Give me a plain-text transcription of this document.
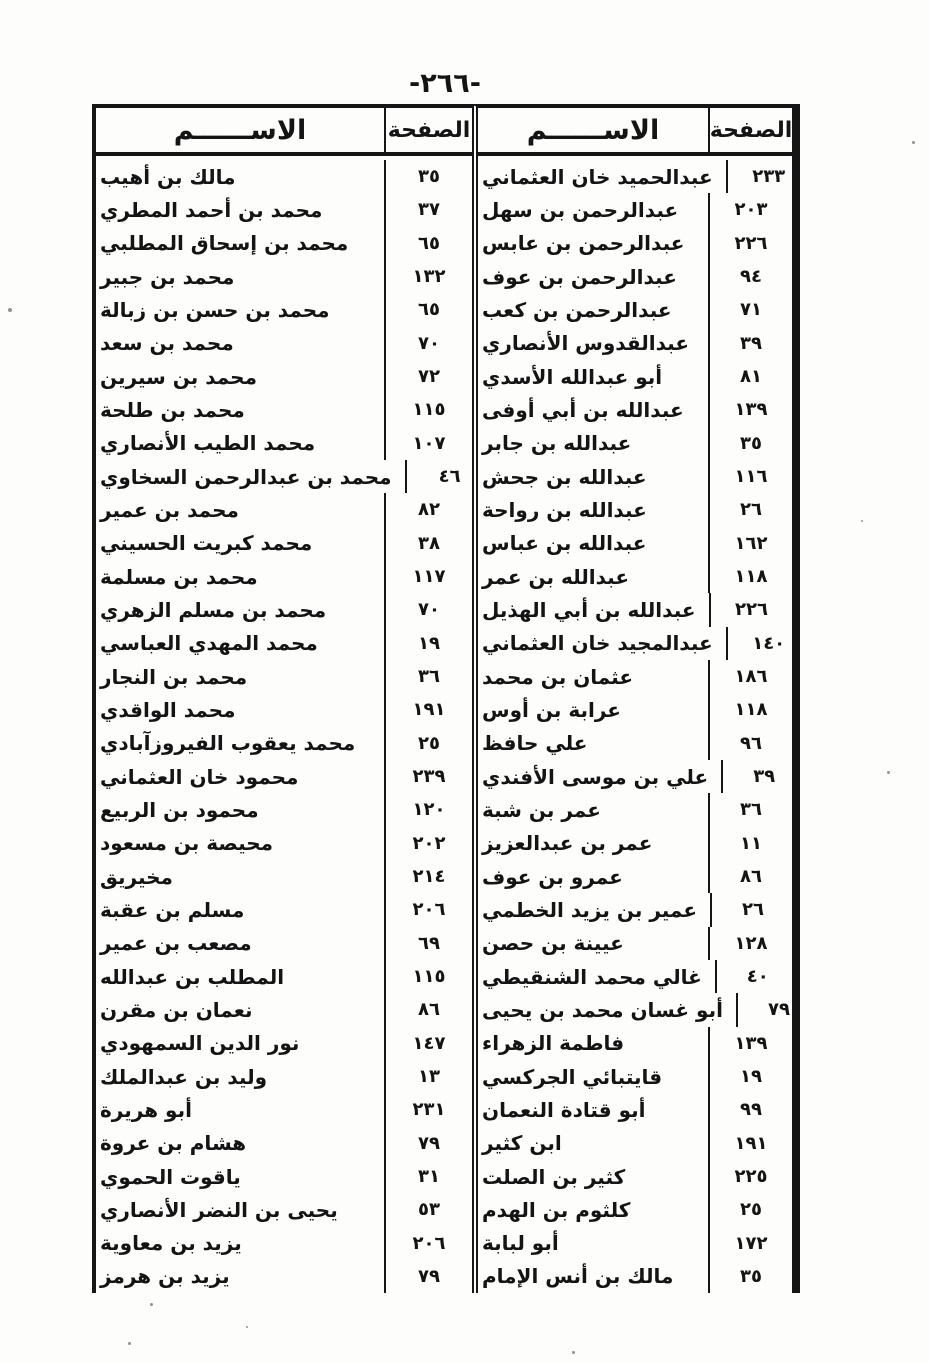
-٢٦٦-
الاســــــم	الصفحة
مالك بن أهيب	٣٥
محمد بن أحمد المطري	٣٧
محمد بن إسحاق المطلبي	٦٥
محمد بن جبير	١٣٢
محمد بن حسن بن زبالة	٦٥
محمد بن سعد	٧٠
محمد بن سيرين	٧٢
محمد بن طلحة	١١٥
محمد الطيب الأنصاري	١٠٧
محمد بن عبدالرحمن السخاوي	٤٦
محمد بن عمير	٨٢
محمد كبريت الحسيني	٣٨
محمد بن مسلمة	١١٧
محمد بن مسلم الزهري	٧٠
محمد المهدي العباسي	١٩
محمد بن النجار	٣٦
محمد الواقدي	١٩١
محمد يعقوب الفيروزآبادي	٢٥
محمود خان العثماني	٢٣٩
محمود بن الربيع	١٢٠
محيصة بن مسعود	٢٠٢
مخيريق	٢١٤
مسلم بن عقبة	٢٠٦
مصعب بن عمير	٦٩
المطلب بن عبدالله	١١٥
نعمان بن مقرن	٨٦
نور الدين السمهودي	١٤٧
وليد بن عبدالملك	١٣
أبو هريرة	٢٣١
هشام بن عروة	٧٩
ياقوت الحموي	٣١
يحيى بن النضر الأنصاري	٥٣
يزيد بن معاوية	٢٠٦
يزيد بن هرمز	٧٩
الاســــــم	الصفحة
عبدالحميد خان العثماني	٢٣٣
عبدالرحمن بن سهل	٢٠٣
عبدالرحمن بن عابس	٢٢٦
عبدالرحمن بن عوف	٩٤
عبدالرحمن بن كعب	٧١
عبدالقدوس الأنصاري	٣٩
أبو عبدالله الأسدي	٨١
عبدالله بن أبي أوفى	١٣٩
عبدالله بن جابر	٣٥
عبدالله بن جحش	١١٦
عبدالله بن رواحة	٢٦
عبدالله بن عباس	١٦٢
عبدالله بن عمر	١١٨
عبدالله بن أبي الهذيل	٢٢٦
عبدالمجيد خان العثماني	١٤٠
عثمان بن محمد	١٨٦
عرابة بن أوس	١١٨
علي حافظ	٩٦
علي بن موسى الأفندي	٣٩
عمر بن شبة	٣٦
عمر بن عبدالعزيز	١١
عمرو بن عوف	٨٦
عمير بن يزيد الخطمي	٢٦
عيينة بن حصن	١٢٨
غالي محمد الشنقيطي	٤٠
أبو غسان محمد بن يحيى	٧٩
فاطمة الزهراء	١٣٩
قايتبائي الجركسي	١٩
أبو قتادة النعمان	٩٩
ابن كثير	١٩١
كثير بن الصلت	٢٢٥
كلثوم بن الهدم	٢٥
أبو لبابة	١٧٢
مالك بن أنس الإمام	٣٥
